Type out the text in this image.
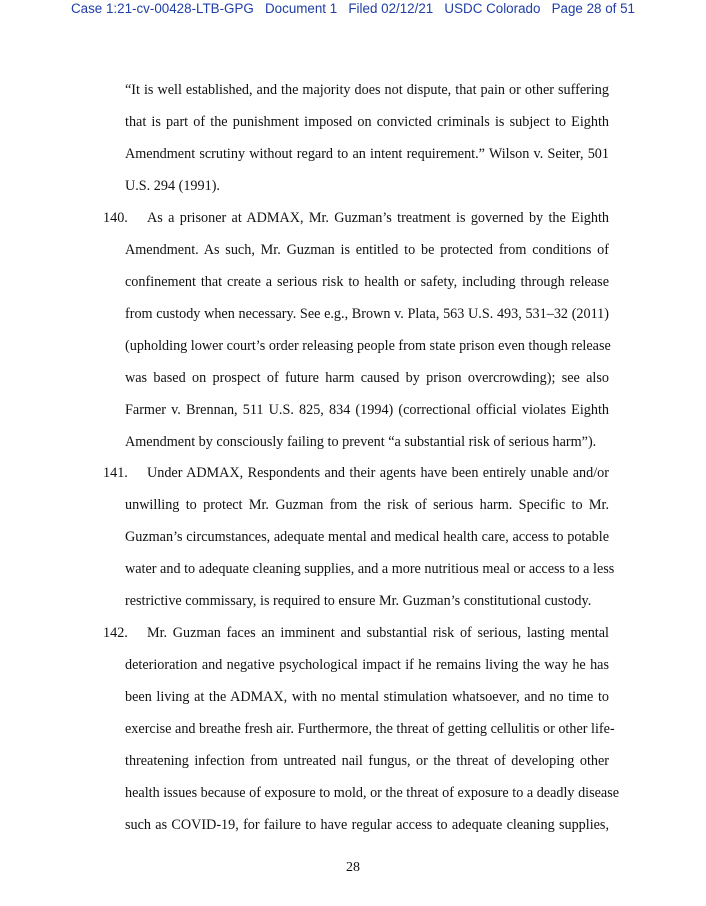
Case 1:21-cv-00428-LTB-GPG Document 1 Filed 02/12/21 USDC Colorado Page 28 of 51
“It is well established, and the majority does not dispute, that pain or other suffering
that is part of the punishment imposed on convicted criminals is subject to Eighth
Amendment scrutiny without regard to an intent requirement.” Wilson v. Seiter, 501
U.S. 294 (1991).
140.	As a prisoner at ADMAX, Mr. Guzman’s treatment is governed by the Eighth
Amendment. As such, Mr. Guzman is entitled to be protected from conditions of
confinement that create a serious risk to health or safety, including through release
from custody when necessary. See e.g., Brown v. Plata, 563 U.S. 493, 531–32 (2011)
(upholding lower court’s order releasing people from state prison even though release
was based on prospect of future harm caused by prison overcrowding); see also
Farmer v. Brennan, 511 U.S. 825, 834 (1994) (correctional official violates Eighth
Amendment by consciously failing to prevent “a substantial risk of serious harm”).
141.	Under ADMAX, Respondents and their agents have been entirely unable and/or
unwilling to protect Mr. Guzman from the risk of serious harm. Specific to Mr.
Guzman’s circumstances, adequate mental and medical health care, access to potable
water and to adequate cleaning supplies, and a more nutritious meal or access to a less
restrictive commissary, is required to ensure Mr. Guzman’s constitutional custody.
142.	Mr. Guzman faces an imminent and substantial risk of serious, lasting mental
deterioration and negative psychological impact if he remains living the way he has
been living at the ADMAX, with no mental stimulation whatsoever, and no time to
exercise and breathe fresh air. Furthermore, the threat of getting cellulitis or other life-
threatening infection from untreated nail fungus, or the threat of developing other
health issues because of exposure to mold, or the threat of exposure to a deadly disease
such as COVID-19, for failure to have regular access to adequate cleaning supplies,
28
